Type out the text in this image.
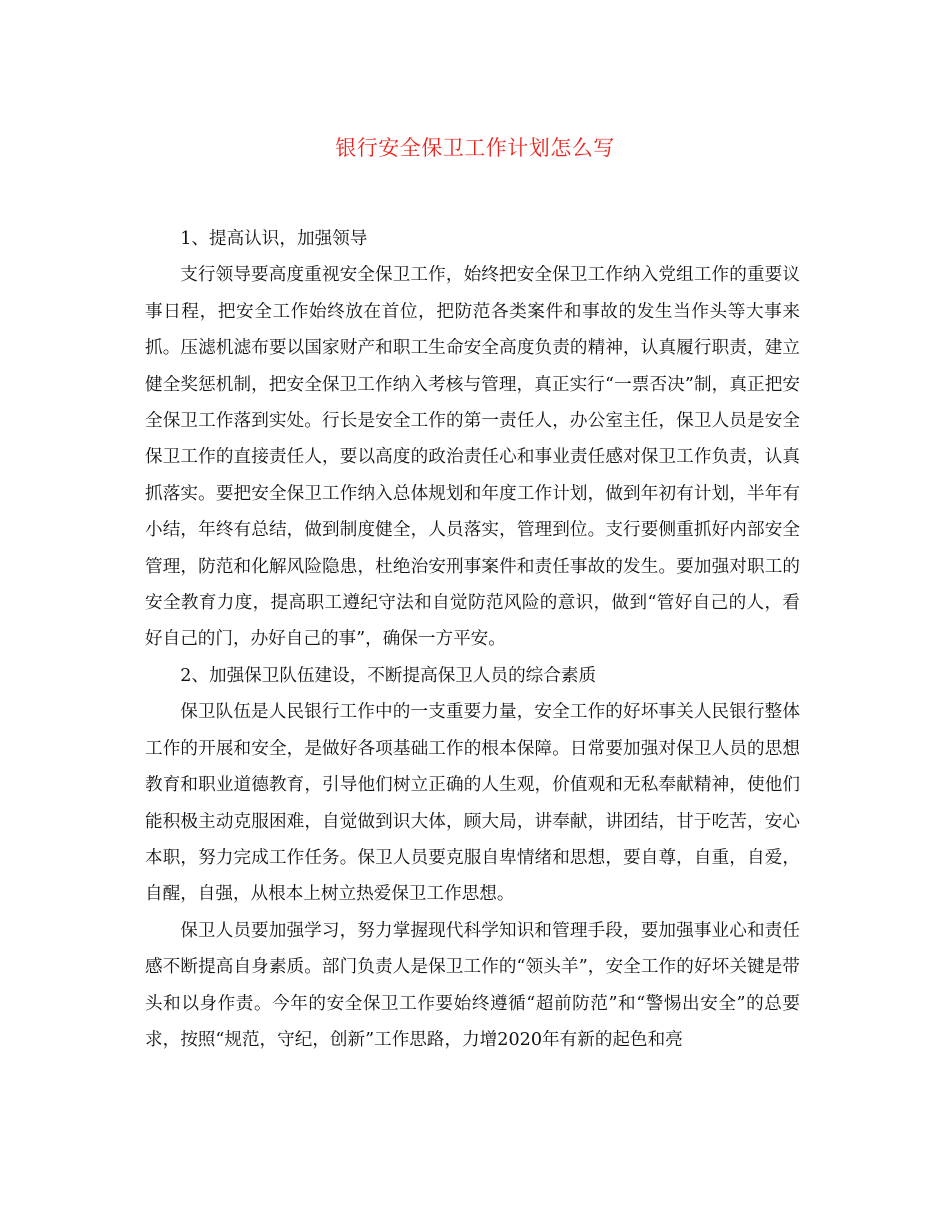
银行安全保卫工作计划怎么写

1、提高认识，加强领导

支行领导要高度重视安全保卫工作，始终把安全保卫工作纳入党组工作的重要议事日程，把安全工作始终放在首位，把防范各类案件和事故的发生当作头等大事来抓。压滤机滤布要以国家财产和职工生命安全高度负责的精神，认真履行职责，建立健全奖惩机制，把安全保卫工作纳入考核与管理，真正实行“一票否决”制，真正把安全保卫工作落到实处。行长是安全工作的第一责任人，办公室主任，保卫人员是安全保卫工作的直接责任人，要以高度的政治责任心和事业责任感对保卫工作负责，认真抓落实。要把安全保卫工作纳入总体规划和年度工作计划，做到年初有计划，半年有小结，年终有总结，做到制度健全，人员落实，管理到位。支行要侧重抓好内部安全管理，防范和化解风险隐患，杜绝治安刑事案件和责任事故的发生。要加强对职工的安全教育力度，提高职工遵纪守法和自觉防范风险的意识，做到“管好自己的人，看好自己的门，办好自己的事”，确保一方平安。

2、加强保卫队伍建设，不断提高保卫人员的综合素质

保卫队伍是人民银行工作中的一支重要力量，安全工作的好坏事关人民银行整体工作的开展和安全，是做好各项基础工作的根本保障。日常要加强对保卫人员的思想教育和职业道德教育，引导他们树立正确的人生观，价值观和无私奉献精神，使他们能积极主动克服困难，自觉做到识大体，顾大局，讲奉献，讲团结，甘于吃苦，安心本职，努力完成工作任务。保卫人员要克服自卑情绪和思想，要自尊，自重，自爱，自醒，自强，从根本上树立热爱保卫工作思想。

保卫人员要加强学习，努力掌握现代科学知识和管理手段，要加强事业心和责任感不断提高自身素质。部门负责人是保卫工作的“领头羊”，安全工作的好坏关键是带头和以身作责。今年的安全保卫工作要始终遵循“超前防范”和“警惕出安全”的总要求，按照“规范，守纪，创新”工作思路，力增2020年有新的起色和亮
